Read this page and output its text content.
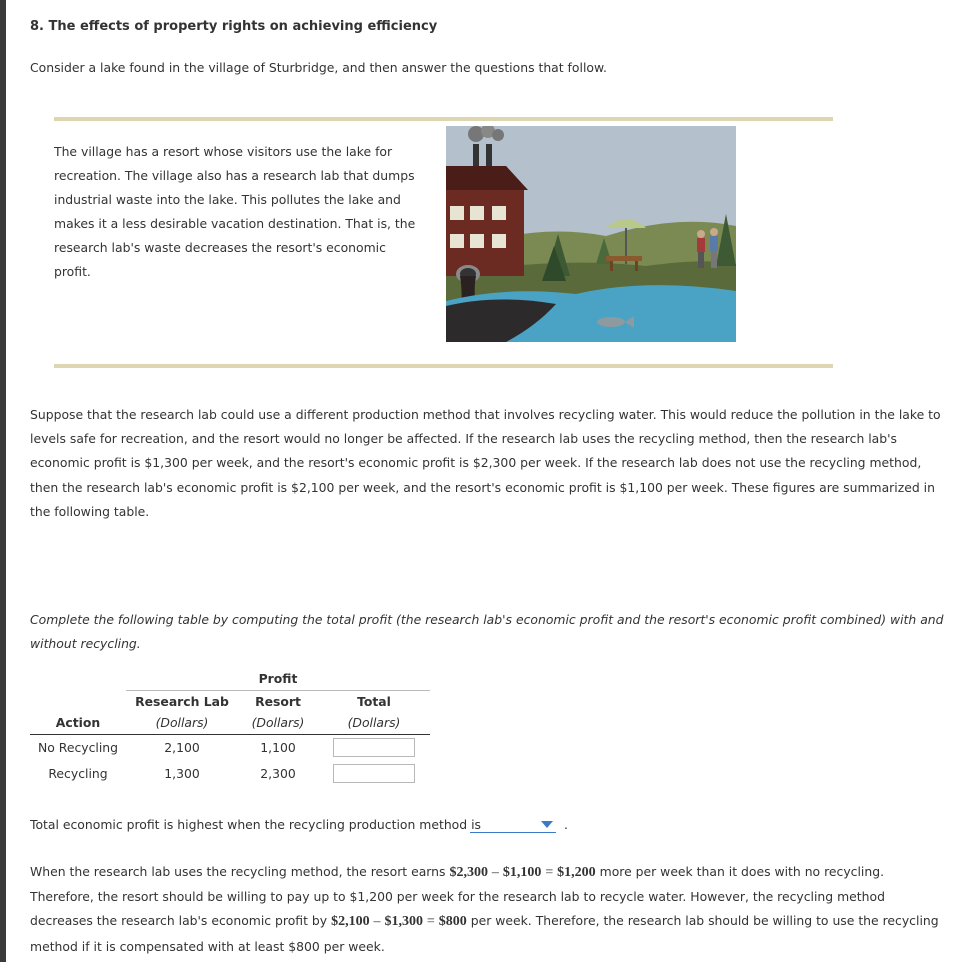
8. The effects of property rights on achieving efficiency
Consider a lake found in the village of Sturbridge, and then answer the questions that follow.
The village has a resort whose visitors use the lake for recreation. The village also has a research lab that dumps industrial waste into the lake. This pollutes the lake and makes it a less desirable vacation destination. That is, the research lab's waste decreases the resort's economic profit.
Suppose that the research lab could use a different production method that involves recycling water. This would reduce the pollution in the lake to levels safe for recreation, and the resort would no longer be affected. If the research lab uses the recycling method, then the research lab's economic profit is $1,300 per week, and the resort's economic profit is $2,300 per week. If the research lab does not use the recycling method, then the research lab's economic profit is $2,100 per week, and the resort's economic profit is $1,100 per week. These figures are summarized in the following table.
Complete the following table by computing the total profit (the research lab's economic profit and the resort's economic profit combined) with and without recycling.
	Profit		
	Research Lab	Resort	Total
Action	(Dollars)	(Dollars)	(Dollars)
No Recycling	2,100	1,100	
Recycling	1,300	2,300	
Total economic profit is highest when the recycling production method is	.
When the research lab uses the recycling method, the resort earns $2,300 – $1,100 = $1,200 more per week than it does with no recycling. Therefore, the resort should be willing to pay up to $1,200 per week for the research lab to recycle water. However, the recycling method decreases the research lab's economic profit by $2,100 – $1,300 = $800 per week. Therefore, the research lab should be willing to use the recycling method if it is compensated with at least $800 per week.
